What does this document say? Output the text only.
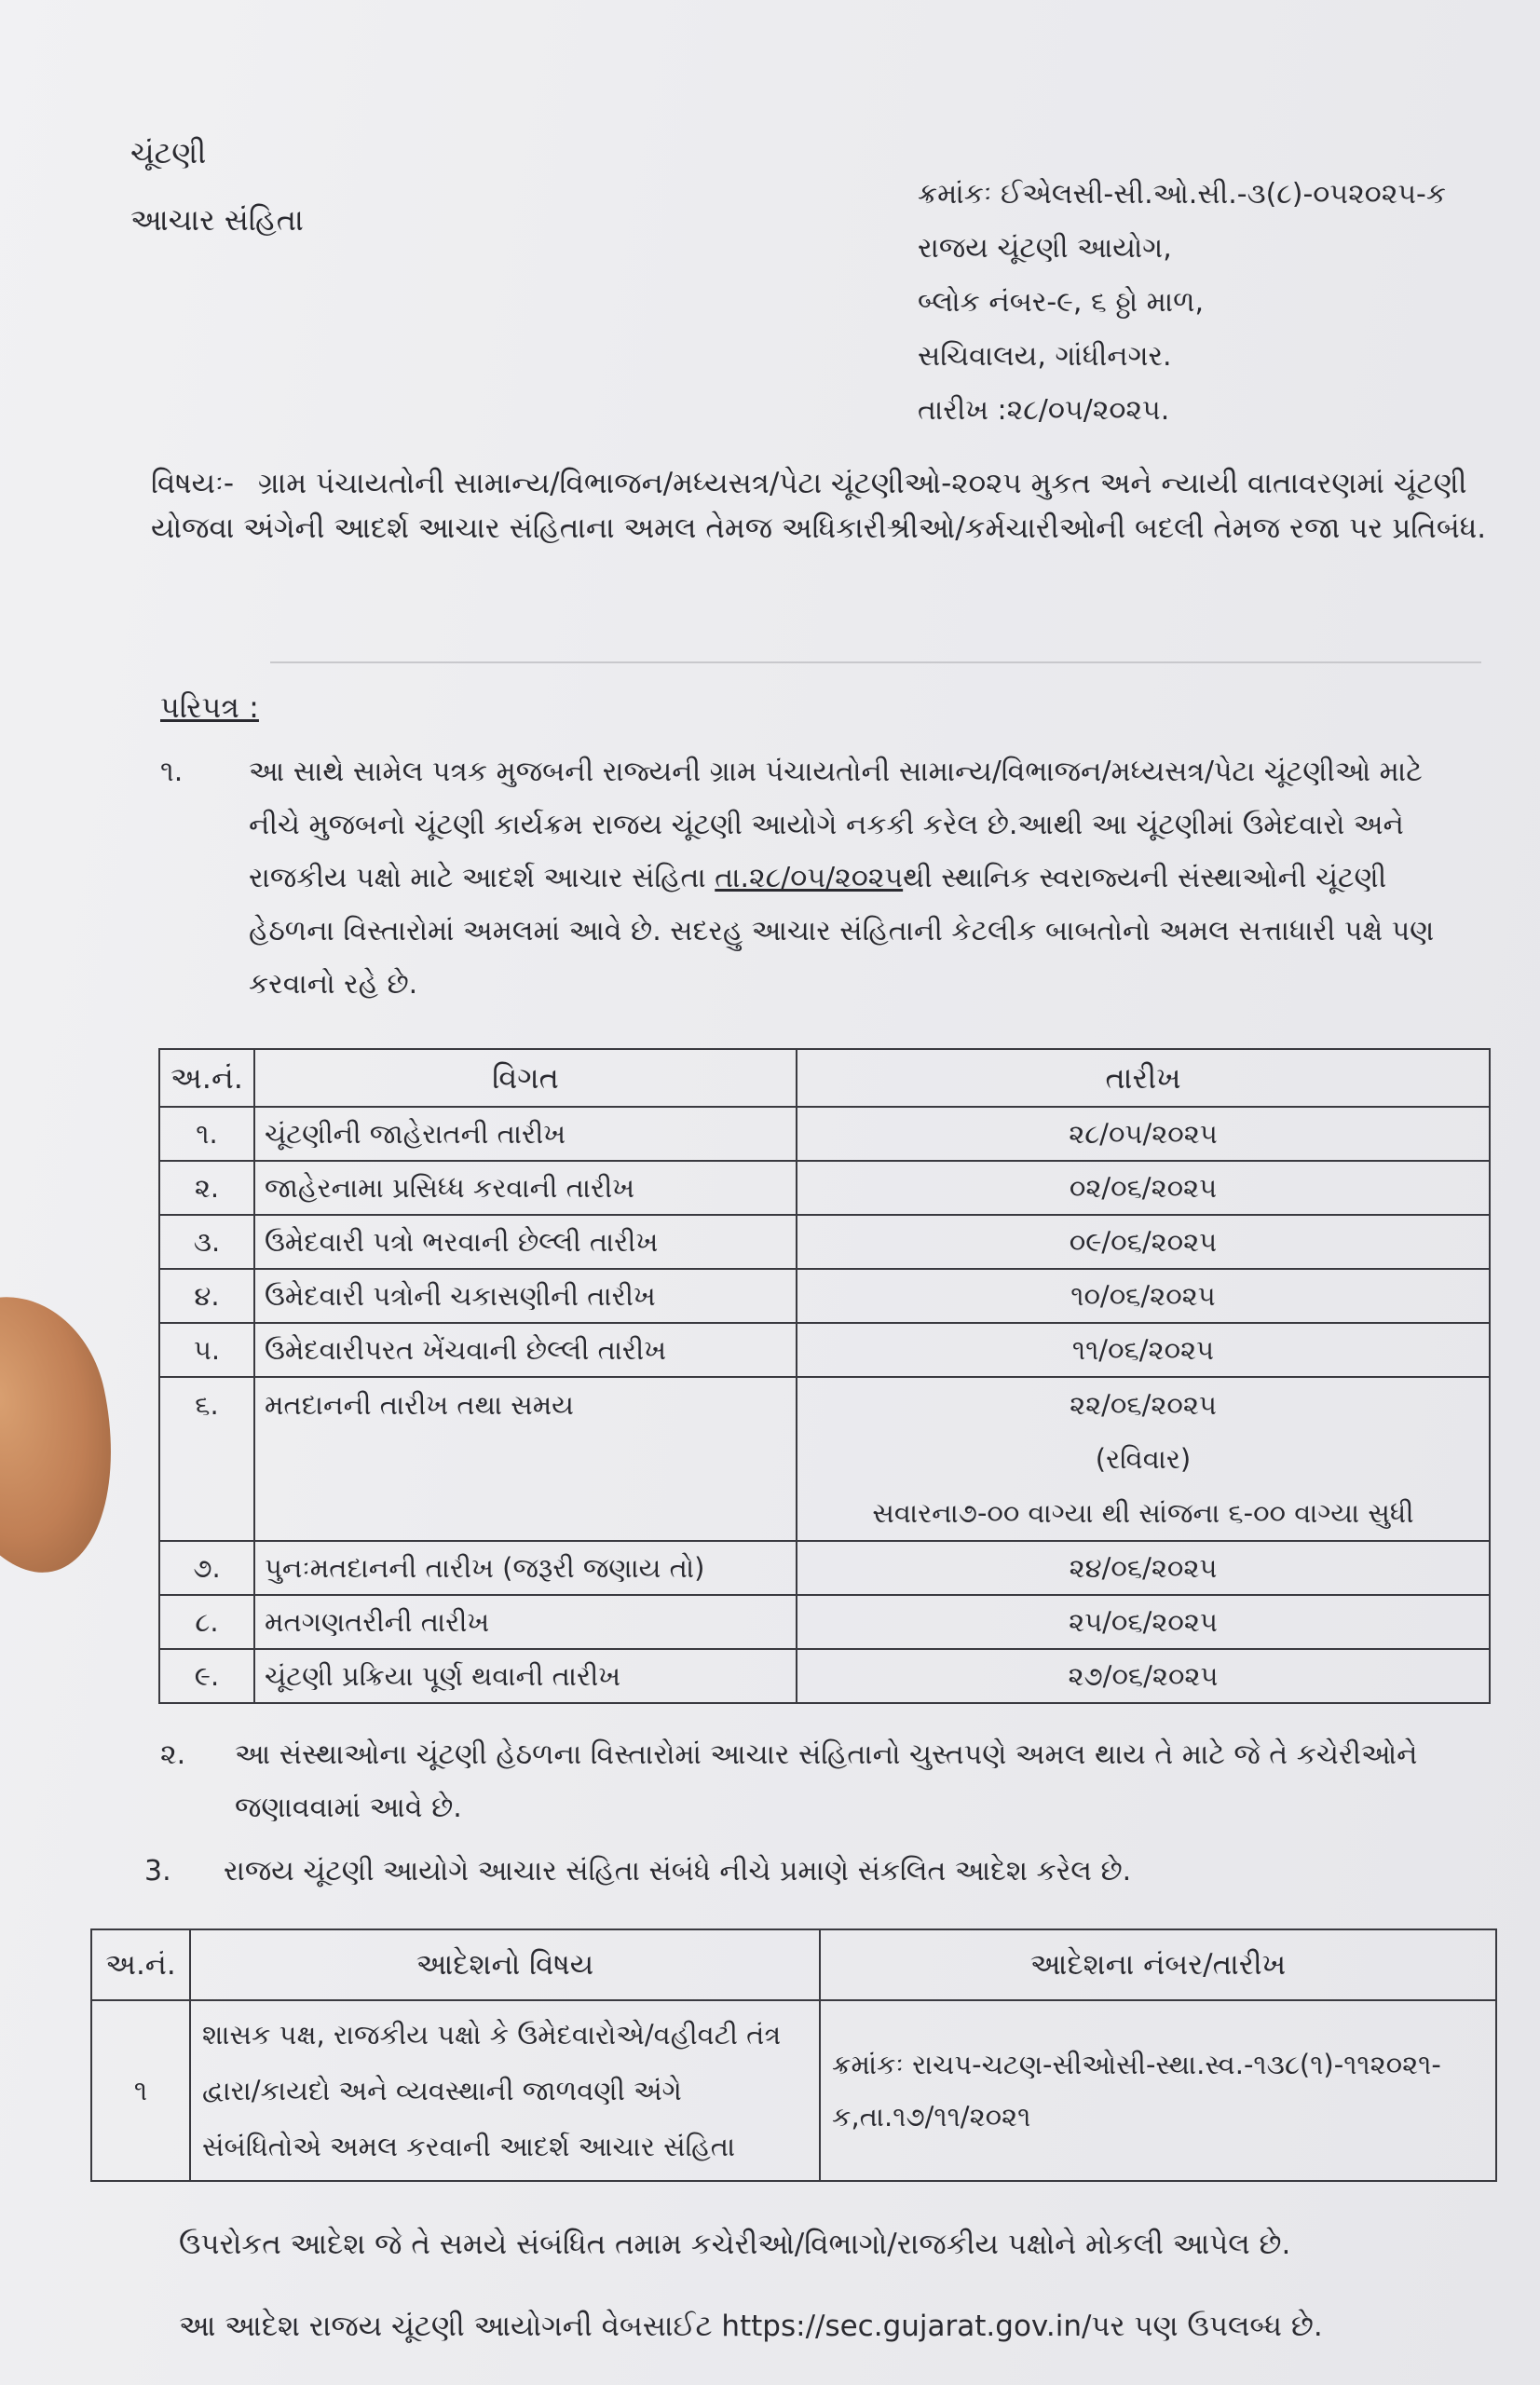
ચૂંટણી
આચાર સંહિતા
ક્રમાંકઃ ઈએલસી-સી.ઓ.સી.-૩(૮)-૦૫૨૦૨૫-ક
રાજય ચૂંટણી આયોગ,
બ્લોક નંબર-૯, ૬ ઠ્ઠો માળ,
સચિવાલય, ગાંધીનગર.
તારીખ :૨૮/૦૫/૨૦૨૫.
વિષયઃ- ગ્રામ પંચાયતોની સામાન્ય/વિભાજન/મધ્યસત્ર/પેટા ચૂંટણીઓ-૨૦૨૫ મુકત અને ન્યાયી વાતાવરણમાં ચૂંટણી યોજવા અંગેની આદર્શ આચાર સંહિતાના અમલ તેમજ અધિકારીશ્રીઓ/કર્મચારીઓની બદલી તેમજ રજા પર પ્રતિબંધ.
પરિપત્ર :
૧. આ સાથે સામેલ પત્રક મુજબની રાજ્યની ગ્રામ પંચાયતોની સામાન્ય/વિભાજન/મધ્યસત્ર/પેટા ચૂંટણીઓ માટે નીચે મુજબનો ચૂંટણી કાર્યક્રમ રાજય ચૂંટણી આયોગે નકકી કરેલ છે.આથી આ ચૂંટણીમાં ઉમેદવારો અને રાજકીય પક્ષો માટે આદર્શ આચાર સંહિતા તા.૨૮/૦૫/૨૦૨૫થી સ્થાનિક સ્વરાજ્યની સંસ્થાઓની ચૂંટણી હેઠળના વિસ્તારોમાં અમલમાં આવે છે. સદરહુ આચાર સંહિતાની કેટલીક બાબતોનો અમલ સત્તાધારી પક્ષે પણ કરવાનો રહે છે.
અ.નં.	વિગત	તારીખ
૧.	ચૂંટણીની જાહેરાતની તારીખ	૨૮/૦૫/૨૦૨૫
૨.	જાહેરનામા પ્રસિધ્ધ કરવાની તારીખ	૦૨/૦૬/૨૦૨૫
૩.	ઉમેદવારી પત્રો ભરવાની છેલ્લી તારીખ	૦૯/૦૬/૨૦૨૫
૪.	ઉમેદવારી પત્રોની ચકાસણીની તારીખ	૧૦/૦૬/૨૦૨૫
૫.	ઉમેદવારીપરત ખેંચવાની છેલ્લી તારીખ	૧૧/૦૬/૨૦૨૫

૬.	મતદાનની તારીખ તથા સમય	૨૨/૦૬/૨૦૨૫
(રવિવાર)
સવારના૭-૦૦ વાગ્યા થી સાંજના ૬-૦૦ વાગ્યા સુધી

૭.	પુનઃમતદાનની તારીખ (જરૂરી જણાય તો)	૨૪/૦૬/૨૦૨૫
૮.	મતગણતરીની તારીખ	૨૫/૦૬/૨૦૨૫
૯.	ચૂંટણી પ્રક્રિયા પૂર્ણ થવાની તારીખ	૨૭/૦૬/૨૦૨૫
૨. આ સંસ્થાઓના ચૂંટણી હેઠળના વિસ્તારોમાં આચાર સંહિતાનો ચુસ્તપણે અમલ થાય તે માટે જે તે કચેરીઓને જણાવવામાં આવે છે.
3. રાજય ચૂંટણી આયોગે આચાર સંહિતા સંબંધે નીચે પ્રમાણે સંકલિત આદેશ કરેલ છે.
અ.નં.	આદેશનો વિષય	આદેશના નંબર/તારીખ
૧	શાસક પક્ષ, રાજકીય પક્ષો કે ઉમેદવારોએ/વહીવટી તંત્ર દ્વારા/કાયદો અને વ્યવસ્થાની જાળવણી અંગે સંબંધિતોએ અમલ કરવાની આદર્શ આચાર સંહિતા	ક્રમાંકઃ રાચપ-ચટણ-સીઓસી-સ્થા.સ્વ.-૧૩૮(૧)-૧૧૨૦૨૧-ક,તા.૧૭/૧૧/૨૦૨૧
ઉપરોકત આદેશ જે તે સમયે સંબંધિત તમામ કચેરીઓ/વિભાગો/રાજકીય પક્ષોને મોકલી આપેલ છે.
આ આદેશ રાજય ચૂંટણી આયોગની વેબસાઈટ https://sec.gujarat.gov.in/પર પણ ઉપલબ્ધ છે.
